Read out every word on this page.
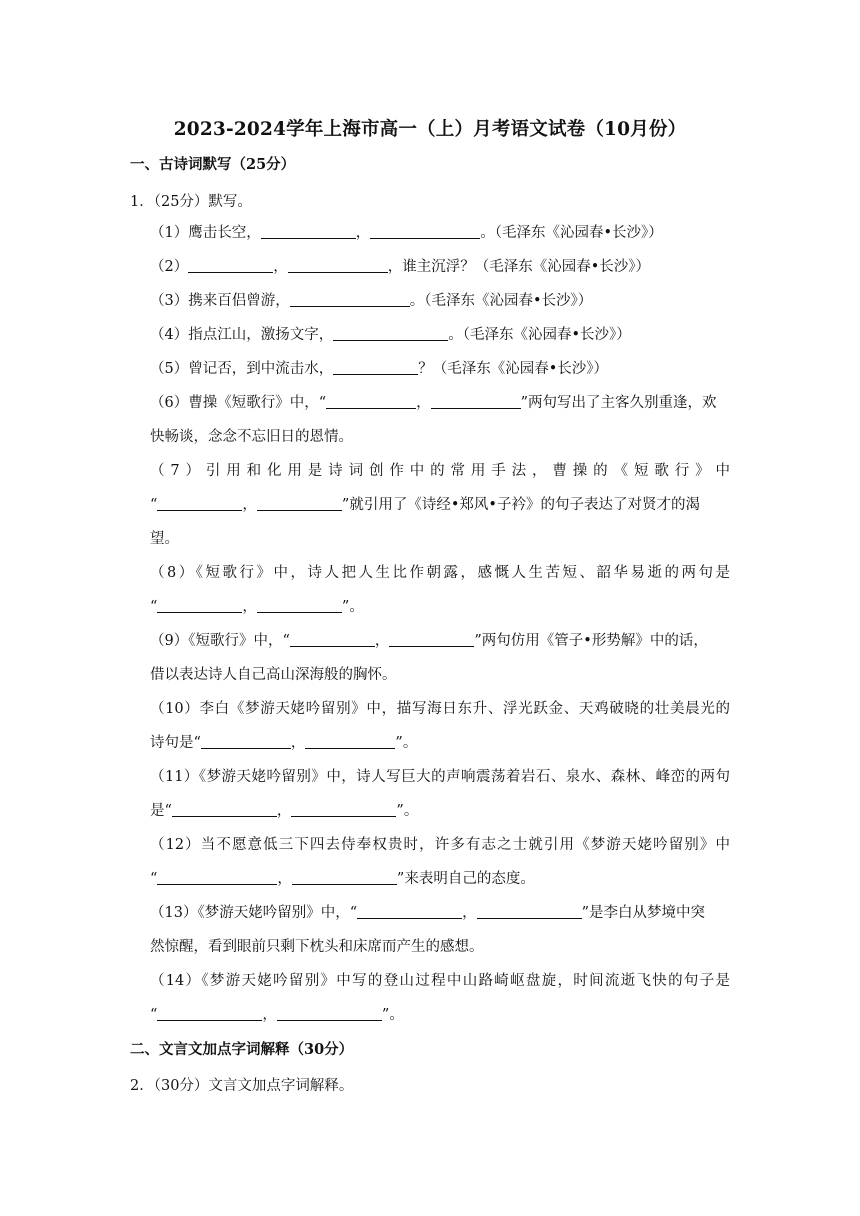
2023-2024学年上海市高一（上）月考语文试卷（10月份）
一、古诗词默写（25分）
1．（25分）默写。
（1）鹰击长空，	，	。（毛泽东《沁园春•长沙》）
（2）	，	，谁主沉浮？（毛泽东《沁园春•长沙》）
（3）携来百侣曾游，	。（毛泽东《沁园春•长沙》）
（4）指点江山，激扬文字，	。（毛泽东《沁园春•长沙》）
（5）曾记否，到中流击水，	？（毛泽东《沁园春•长沙》）
（6）曹操《短歌行》中，“	，	”两句写出了主客久别重逢，欢
快畅谈，念念不忘旧日的恩情。
（7）引用和化用是诗词创作中的常用手法，曹操的《短歌行》中
“	，	”就引用了《诗经•郑风•子衿》的句子表达了对贤才的渴
望。
（8）《短歌行》中，诗人把人生比作朝露，感慨人生苦短、韶华易逝的两句是
“	，	”。
（9）《短歌行》中，“	，	”两句仿用《管子•形势解》中的话，
借以表达诗人自己高山深海般的胸怀。
（10）李白《梦游天姥吟留别》中，描写海日东升、浮光跃金、天鸡破晓的壮美晨光的
诗句是“	，	”。
（11）《梦游天姥吟留别》中，诗人写巨大的声响震荡着岩石、泉水、森林、峰峦的两句
是“	，	”。
（12）当不愿意低三下四去侍奉权贵时，许多有志之士就引用《梦游天姥吟留别》中
“	，	”来表明自己的态度。
（13）《梦游天姥吟留别》中，“	，	”是李白从梦境中突
然惊醒，看到眼前只剩下枕头和床席而产生的感想。
（14）《梦游天姥吟留别》中写的登山过程中山路崎岖盘旋，时间流逝飞快的句子是
“	，	”。
二、文言文加点字词解释（30分）
2．（30分）文言文加点字词解释。
